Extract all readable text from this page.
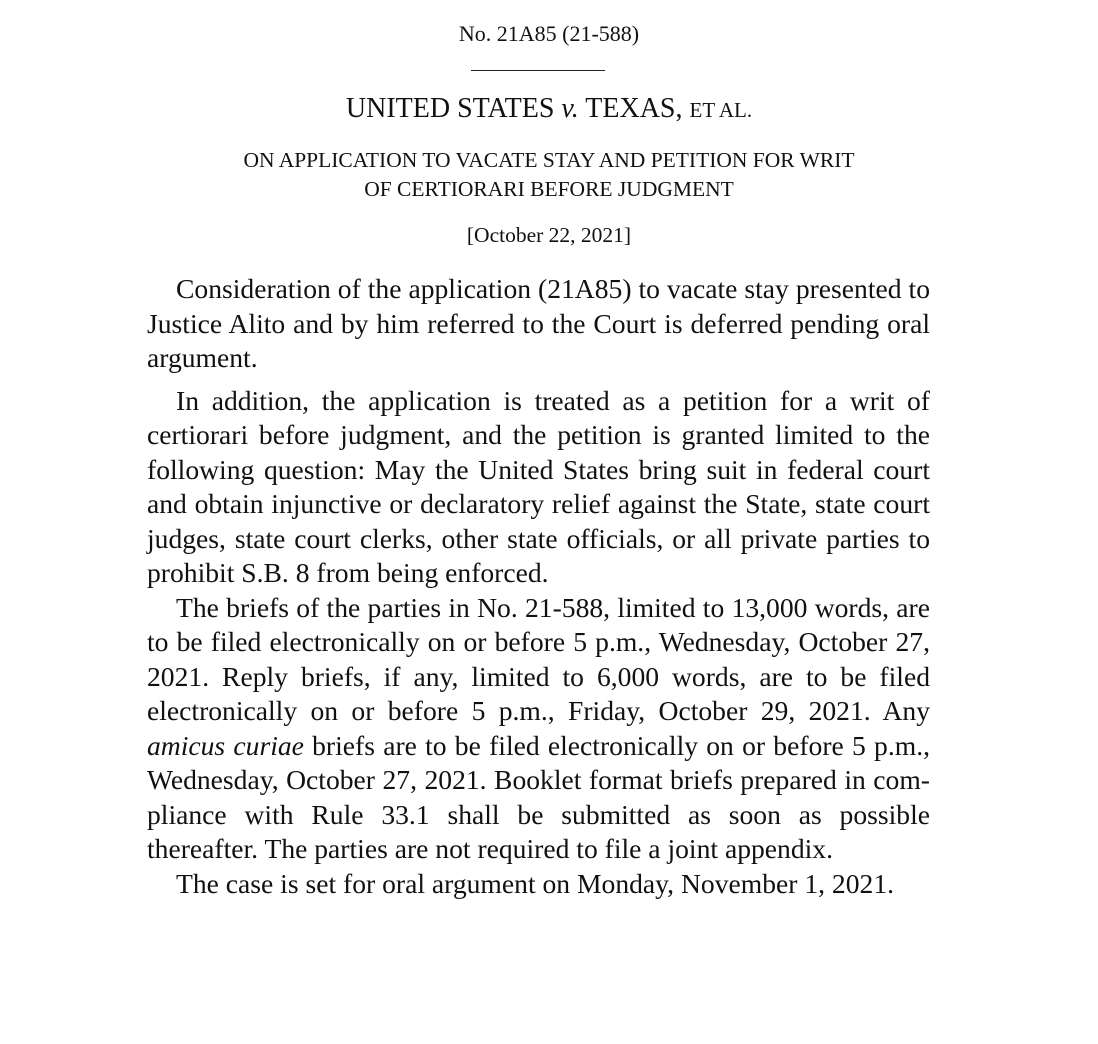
No. 21A85 (21-588)
UNITED STATES v. TEXAS, ET AL.
ON APPLICATION TO VACATE STAY AND PETITION FOR WRIT
OF CERTIORARI BEFORE JUDGMENT
[October 22, 2021]

Consideration of the application (21A85) to vacate stay presented to Justice Alito and by him referred to the Court is deferred pending oral argument.

In addition, the application is treated as a petition for a writ of certiorari before judgment, and the petition is granted limited to the following question: May the United States bring suit in federal court and obtain injunctive or declaratory relief against the State, state court judges, state court clerks, other state officials, or all private parties to prohibit S.B. 8 from being enforced.

The briefs of the parties in No. 21-588, limited to 13,000 words, are to be filed electronically on or before 5 p.m., Wednesday, October 27, 2021. Reply briefs, if any, limited to 6,000 words, are to be filed electronically on or before 5 p.m., Friday, October 29, 2021. Any amicus curiae briefs are to be filed electronically on or before 5 p.m., Wednesday, October 27, 2021. Booklet format briefs prepared in compliance with Rule 33.1 shall be submitted as soon as possible thereafter. The parties are not required to file a joint appendix.

The case is set for oral argument on Monday, November 1, 2021.
